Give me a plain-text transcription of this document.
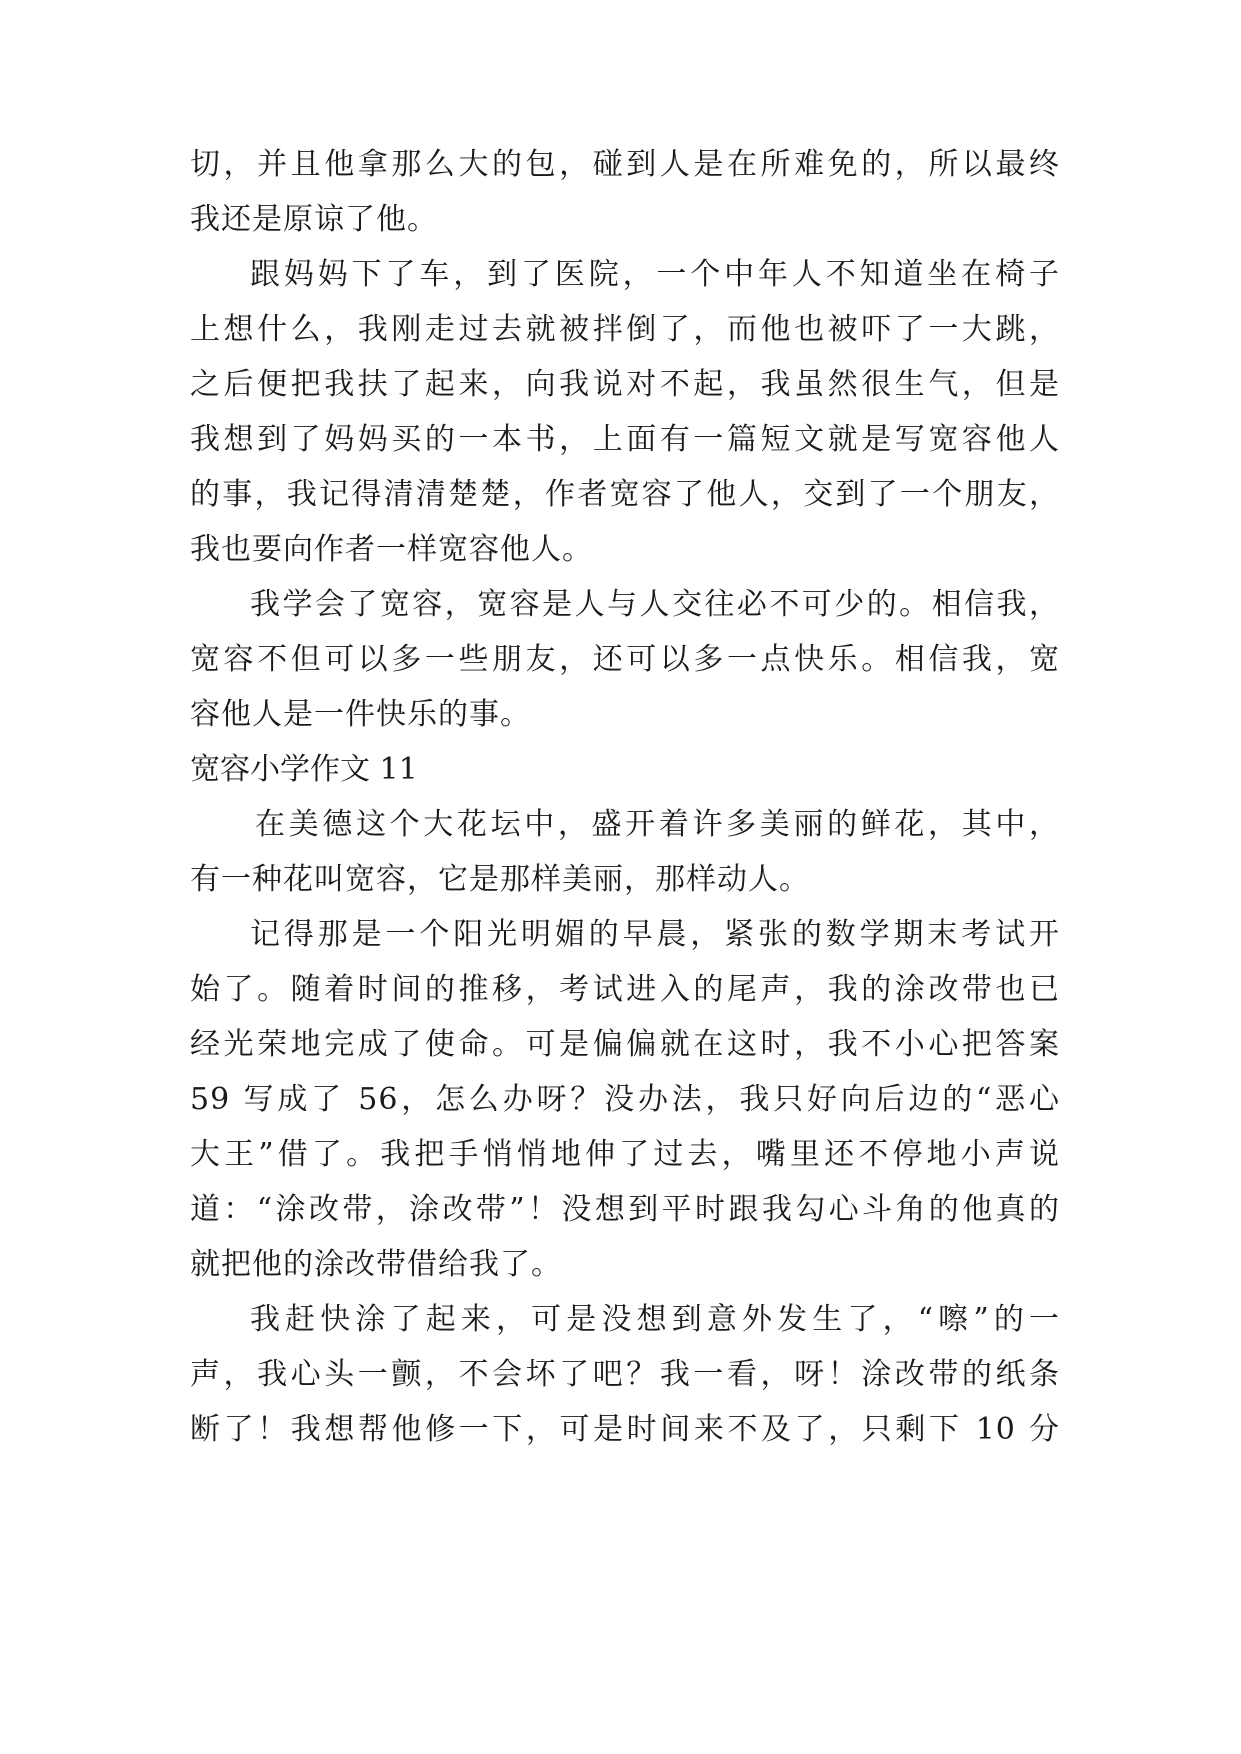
切，并且他拿那么大的包，碰到人是在所难免的，所以最终
我还是原谅了他。
跟妈妈下了车，到了医院，一个中年人不知道坐在椅子
上想什么，我刚走过去就被拌倒了，而他也被吓了一大跳，
之后便把我扶了起来，向我说对不起，我虽然很生气，但是
我想到了妈妈买的一本书，上面有一篇短文就是写宽容他人
的事，我记得清清楚楚，作者宽容了他人，交到了一个朋友，
我也要向作者一样宽容他人。
我学会了宽容，宽容是人与人交往必不可少的。相信我，
宽容不但可以多一些朋友，还可以多一点快乐。相信我，宽
容他人是一件快乐的事。
宽容小学作文 11
在美德这个大花坛中，盛开着许多美丽的鲜花，其中，
有一种花叫宽容，它是那样美丽，那样动人。
记得那是一个阳光明媚的早晨，紧张的数学期末考试开
始了。随着时间的推移，考试进入的尾声，我的涂改带也已
经光荣地完成了使命。可是偏偏就在这时，我不小心把答案
59 写成了 56，怎么办呀？没办法，我只好向后边的“恶心
大王”借了。我把手悄悄地伸了过去，嘴里还不停地小声说
道：“涂改带，涂改带”！没想到平时跟我勾心斗角的他真的
就把他的涂改带借给我了。
我赶快涂了起来，可是没想到意外发生了，“嚓”的一
声，我心头一颤，不会坏了吧？我一看，呀！涂改带的纸条
断了！我想帮他修一下，可是时间来不及了，只剩下 10 分
